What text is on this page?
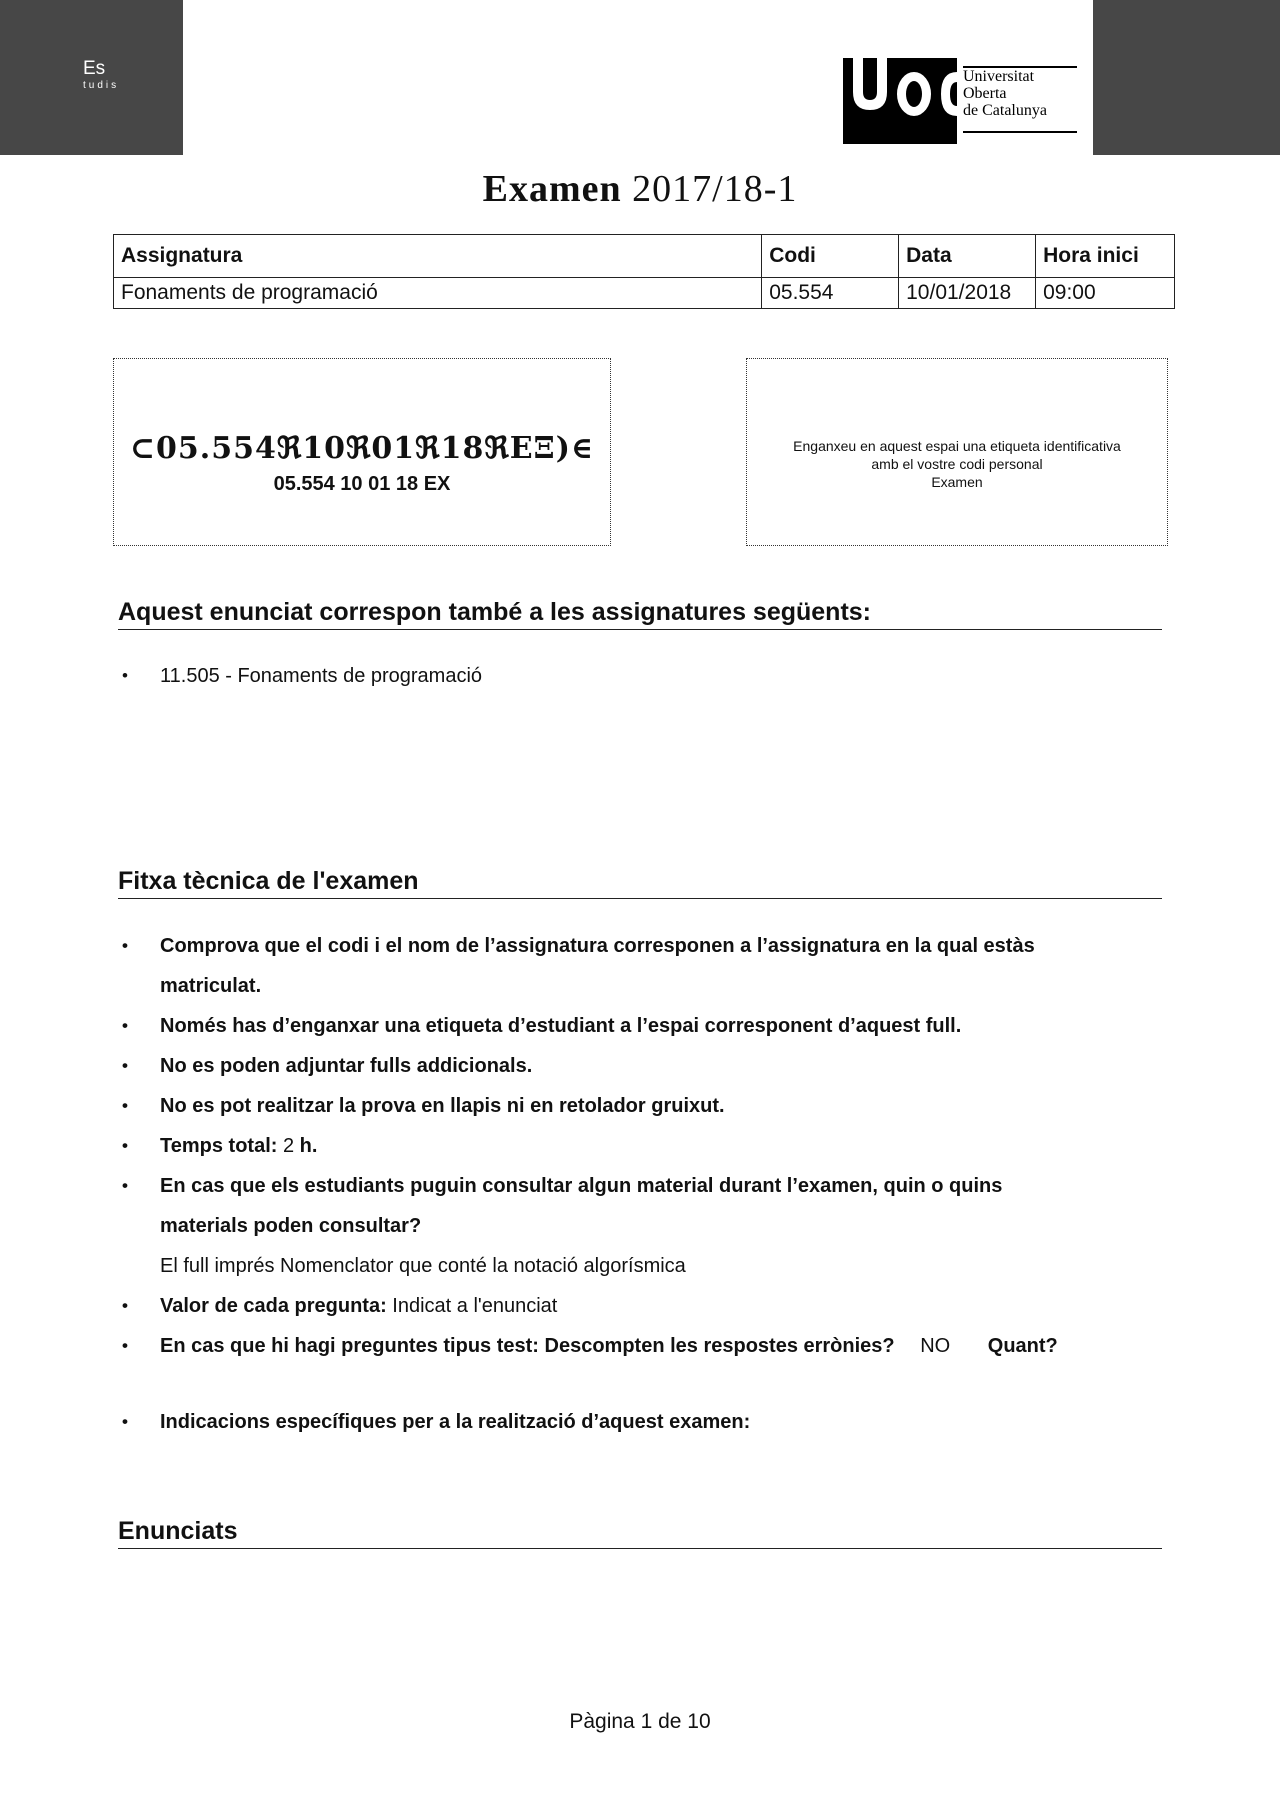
Es
tudis
Universitat
Oberta
de Catalunya
Examen 2017/18-1
Assignatura	Codi	Data	Hora inici
Fonaments de programació	05.554	10/01/2018	09:00
⊂05.554ℜ10ℜ01ℜ18ℜEΞ)∈
05.554 10 01 18 EX
Enganxeu en aquest espai una etiqueta identificativa
amb el vostre codi personal
Examen
Aquest enunciat correspon també a les assignatures següents:
• 11.505 - Fonaments de programació
Fitxa tècnica de l'examen
• Comprova que el codi i el nom de l’assignatura corresponen a l’assignatura en la qual estàs
matriculat.
• Només has d’enganxar una etiqueta d’estudiant a l’espai corresponent d’aquest full.
• No es poden adjuntar fulls addicionals.
• No es pot realitzar la prova en llapis ni en retolador gruixut.
• Temps total: 2 h.
• En cas que els estudiants puguin consultar algun material durant l’examen, quin o quins
materials poden consultar?
El full imprés Nomenclator que conté la notació algorísmica
• Valor de cada pregunta: Indicat a l'enunciat
• En cas que hi hagi preguntes tipus test: Descompten les respostes errònies? NO Quant?
• Indicacions específiques per a la realització d’aquest examen:
Enunciats
Pàgina 1 de 10
